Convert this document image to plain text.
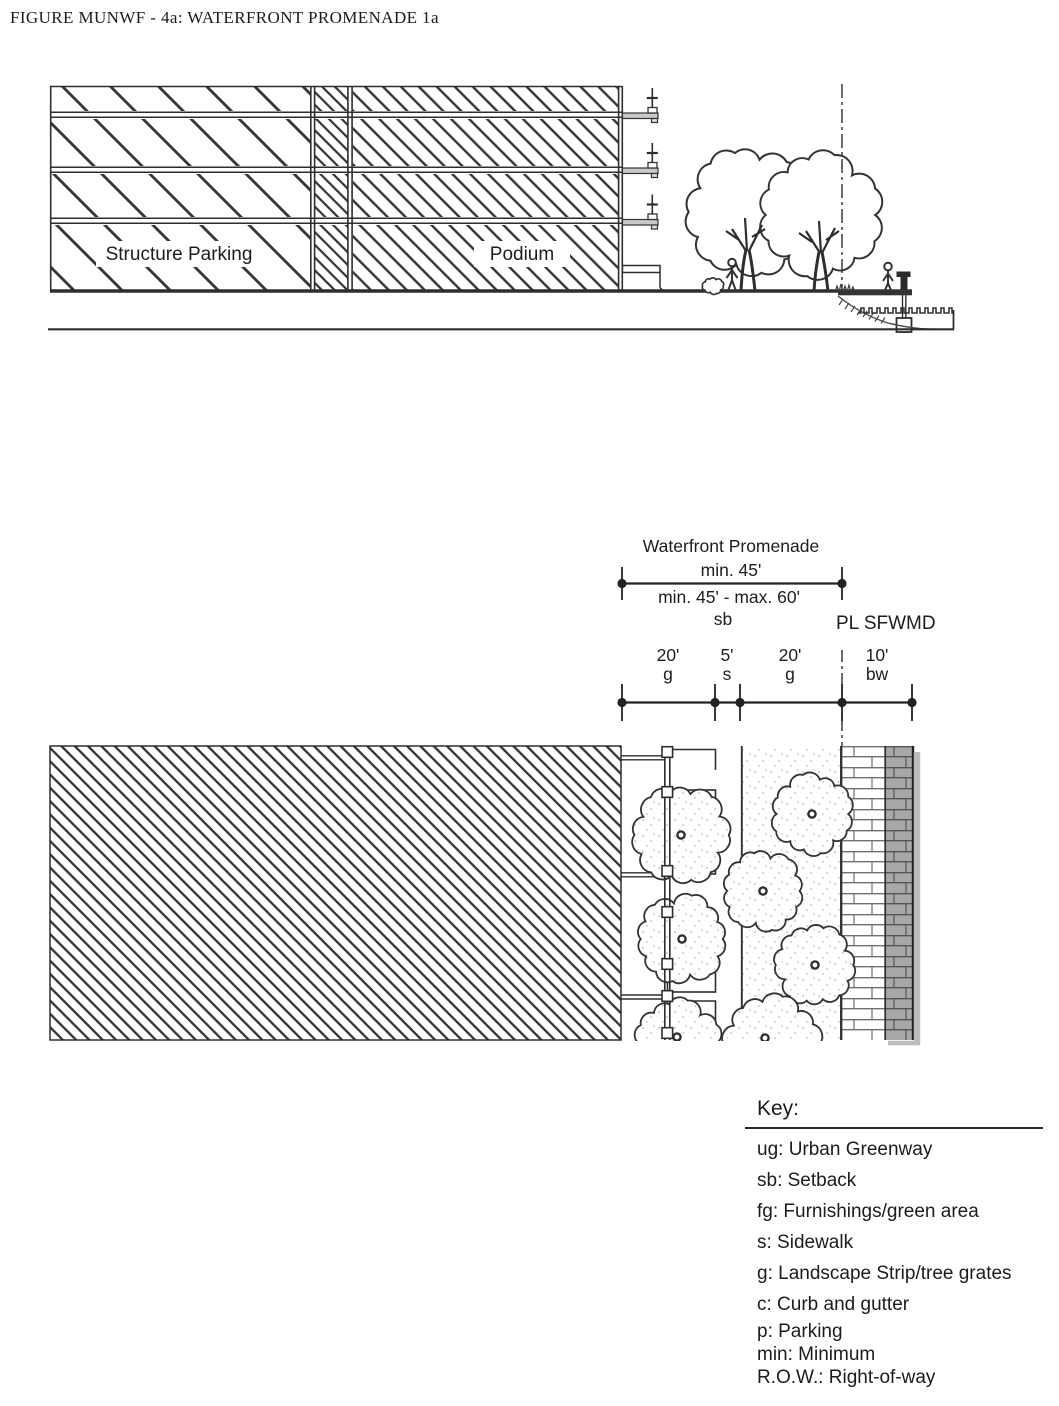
FIGURE MUNWF - 4a: WATERFRONT PROMENADE 1a
Structure Parking	Podium
Waterfront Promenade
min. 45'
min. 45' - max. 60'
sb	PL SFWMD
20' 5'	20'	10'
g	s	g	bw
Key:
ug: Urban Greenway
sb: Setback
fg: Furnishings/green area
s: Sidewalk
g: Landscape Strip/tree grates
c: Curb and gutter
p: Parking
min: Minimum
R.O.W.: Right-of-way
